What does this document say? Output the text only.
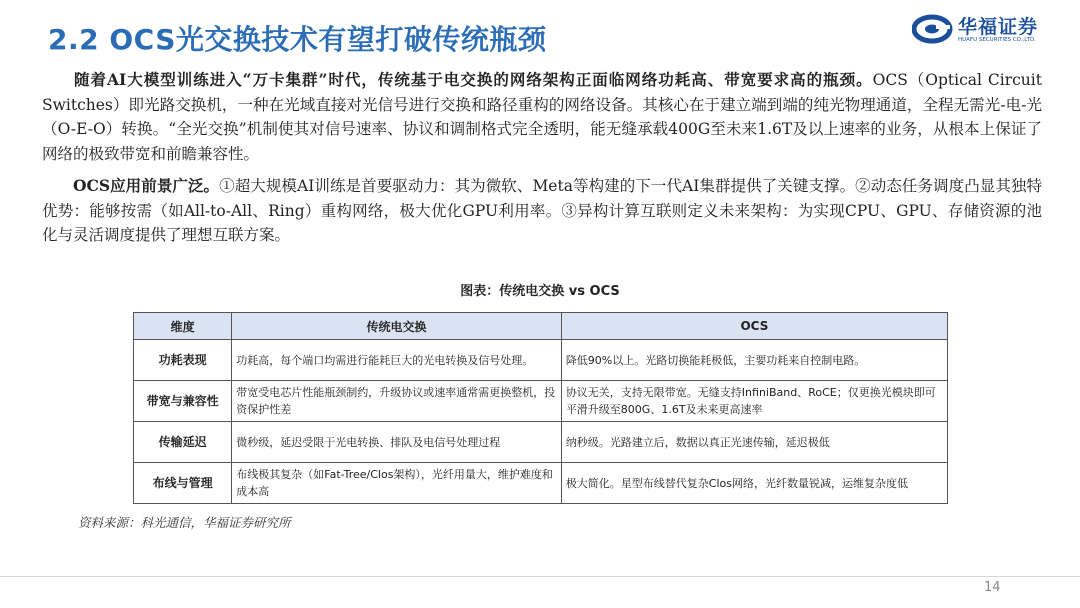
2.2 OCS光交换技术有望打破传统瓶颈	华福证券
HUAFU SECURITIES CO.,LTD.
  随着AI大模型训练进入“万卡集群”时代，传统基于电交换的网络架构正面临网络功耗高、带宽要求高的瓶颈。OCS（Optical Circuit Switches）即光路交换机，一种在光域直接对光信号进行交换和路径重构的网络设备。其核心在于建立端到端的纯光物理通道，全程无需光-电-光（O-E-O）转换。“全光交换”机制使其对信号速率、协议和调制格式完全透明，能无缝承载400G至未来1.6T及以上速率的业务，从根本上保证了网络的极致带宽和前瞻兼容性。
  OCS应用前景广泛。①超大规模AI训练是首要驱动力：其为微软、Meta等构建的下一代AI集群提供了关键支撑。②动态任务调度凸显其独特优势：能够按需（如All-to-All、Ring）重构网络，极大优化GPU利用率。③异构计算互联则定义未来架构：为实现CPU、GPU、存储资源的池化与灵活调度提供了理想互联方案。
图表：传统电交换 vs OCS
维度	传统电交换	OCS
功耗表现	功耗高，每个端口均需进行能耗巨大的光电转换及信号处理。	降低90%以上。光路切换能耗极低，主要功耗来自控制电路。
带宽与兼容性	带宽受电芯片性能瓶颈制约，升级协议或速率通常需更换整机，投资保护性差	协议无关，支持无限带宽。无缝支持InfiniBand、RoCE；仅更换光模块即可平滑升级至800G、1.6T及未来更高速率
传输延迟	微秒级，延迟受限于光电转换、排队及电信号处理过程	纳秒级。光路建立后，数据以真正光速传输，延迟极低
布线与管理	布线极其复杂（如Fat-Tree/Clos架构），光纤用量大，维护难度和成本高	极大简化。星型布线替代复杂Clos网络，光纤数量锐减，运维复杂度低
资料来源：科光通信，华福证券研究所
14
